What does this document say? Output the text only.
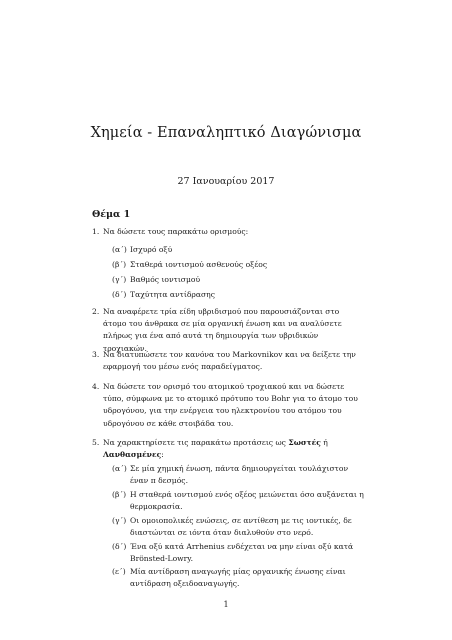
Χημεία - Επαναληπτικό Διαγώνισμα
27 Ιανουαρίου 2017
Θέμα 1
1. Να δώσετε τους παρακάτω ορισμούς:
(α΄) Ισχυρό οξύ
(β΄) Σταθερά ιοντισμού ασθενούς οξέος
(γ΄) Βαθμός ιοντισμού
(δ΄) Ταχύτητα αντίδρασης
2. Να αναφέρετε τρία είδη υβριδισμού που παρουσιάζονται στο άτομο του άνθρακα σε μία οργανική ένωση και να αναλύσετε πλήρως για ένα από αυτά τη δημιουργία των υβριδικών τροχιακών.
3. Να διατυπώσετε τον κανόνα του Markovnikov και να δείξετε την εφαρμογή του μέσω ενός παραδείγματος.
4. Να δώσετε τον ορισμό του ατομικού τροχιακού και να δώσετε τύπο, σύμφωνα με το ατομικό πρότυπο του Bohr για το άτομο του υδρογόνου, για την ενέργεια του ηλεκτρονίου του ατόμου του υδρογόνου σε κάθε στοιβάδα του.
5. Να χαρακτηρίσετε τις παρακάτω προτάσεις ως Σωστές ή Λανθασμένες:
(α΄) Σε μία χημική ένωση, πάντα δημιουργείται τουλάχιστον έναν π δεσμός.
(β΄) Η σταθερά ιοντισμού ενός οξέος μειώνεται όσο αυξάνεται η θερμοκρασία.
(γ΄) Οι ομοιοπολικές ενώσεις, σε αντίθεση με τις ιοντικές, δε διαστώνται σε ιόντα όταν διαλυθούν στο νερό.
(δ΄) Ένα οξύ κατά Arrhenius ενδέχεται να μην είναι οξύ κατά Brönsted-Lowry.
1
(ε΄) Μία αντίδραση αναγωγής μίας οργανικής ένωσης είναι αντίδραση οξειδοαναγωγής.
